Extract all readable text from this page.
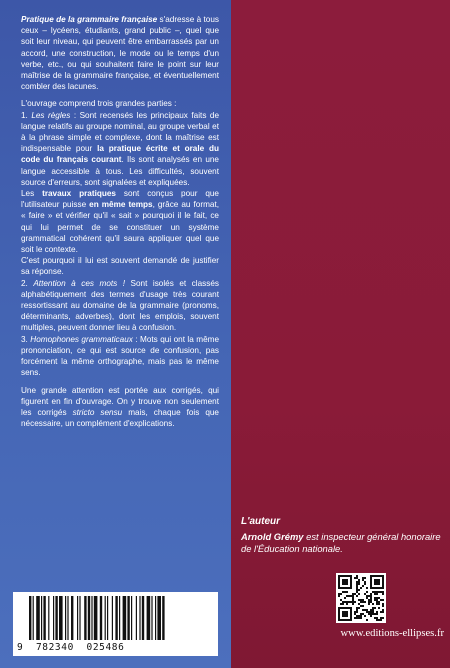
Pratique de la grammaire française s'adresse à tous ceux – lycéens, étudiants, grand public –, quel que soit leur niveau, qui peuvent être embarrassés par un accord, une construction, le mode ou le temps d'un verbe, etc., ou qui souhaitent faire le point sur leur maîtrise de la grammaire française, et éventuellement combler des lacunes.

L'ouvrage comprend trois grandes parties :

1. Les règles : Sont recensés les principaux faits de langue relatifs au groupe nominal, au groupe verbal et à la phrase simple et complexe, dont la maîtrise est indispensable pour la pratique écrite et orale du code du français courant. Ils sont analysés en une langue accessible à tous. Les difficultés, souvent source d'erreurs, sont signalées et expliquées.

Les travaux pratiques sont conçus pour que l'utilisateur puisse en même temps, grâce au format, « faire » et vérifier qu'il « sait » pourquoi il le fait, ce qui lui permet de se constituer un système grammatical cohérent qu'il saura appliquer quel que soit le contexte.

C'est pourquoi il lui est souvent demandé de justifier sa réponse.

2. Attention à ces mots ! Sont isolés et classés alphabétiquement des termes d'usage très courant ressortissant au domaine de la grammaire (pronoms, déterminants, adverbes), dont les emplois, souvent multiples, peuvent donner lieu à confusion.

3. Homophones grammaticaux : Mots qui ont la même prononciation, ce qui est source de confusion, pas forcément la même orthographe, mais pas le même sens.

Une grande attention est portée aux corrigés, qui figurent en fin d'ouvrage. On y trouve non seulement les corrigés stricto sensu mais, chaque fois que nécessaire, un complément d'explications.

9 782340 025486
L'auteur
Arnold Grémy est inspecteur général honoraire de l'Éducation nationale.
www.editions-ellipses.fr
